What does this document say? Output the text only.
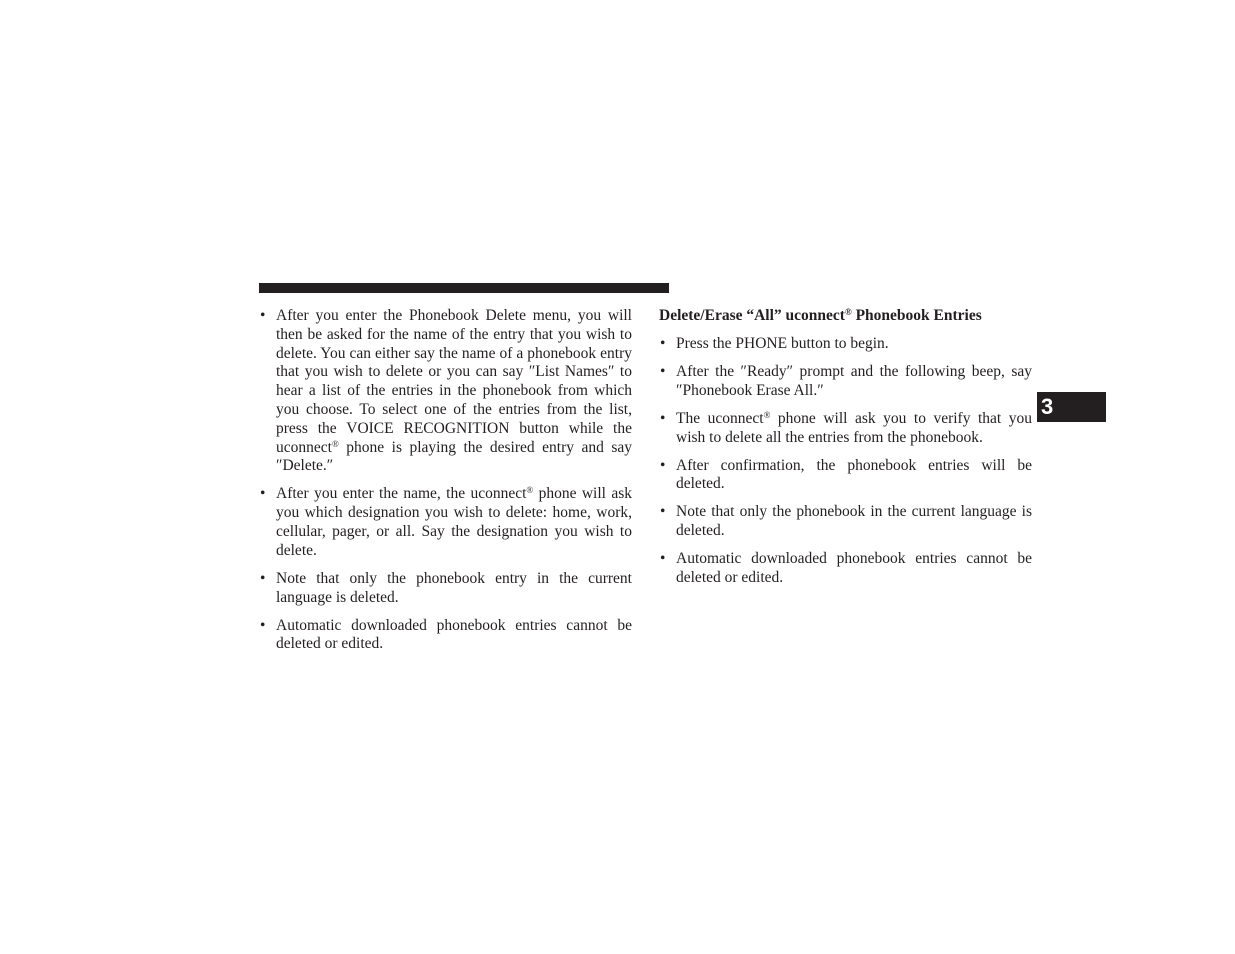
• After you enter the Phonebook Delete menu, you will then be asked for the name of the entry that you wish to delete. You can either say the name of a phonebook entry that you wish to delete or you can say ″List Names″ to hear a list of the entries in the phonebook from which you choose. To select one of the entries from the list, press the VOICE RECOGNITION button while the uconnect® phone is playing the desired entry and say ″Delete.″
• After you enter the name, the uconnect® phone will ask you which designation you wish to delete: home, work, cellular, pager, or all. Say the designation you wish to delete.
• Note that only the phonebook entry in the current language is deleted.
• Automatic downloaded phonebook entries cannot be deleted or edited.
Delete/Erase “All” uconnect® Phonebook Entries
• Press the PHONE button to begin.
• After the ″Ready″ prompt and the following beep, say ″Phonebook Erase All.″
• The uconnect® phone will ask you to verify that you wish to delete all the entries from the phonebook.
• After confirmation, the phonebook entries will be deleted.
• Note that only the phonebook in the current language is deleted.
• Automatic downloaded phonebook entries cannot be deleted or edited.
3
